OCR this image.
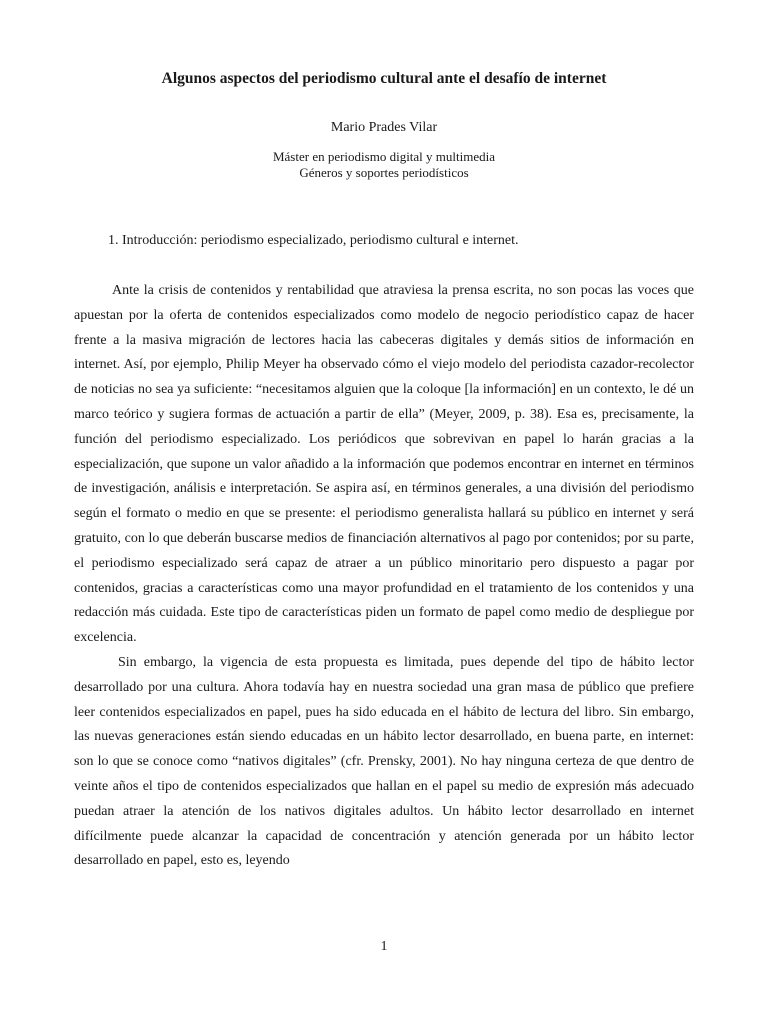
Algunos aspectos del periodismo cultural ante el desafío de internet
Mario Prades Vilar
Máster en periodismo digital y multimedia
Géneros y soportes periodísticos
1. Introducción: periodismo especializado, periodismo cultural e internet.

Ante la crisis de contenidos y rentabilidad que atraviesa la prensa escrita, no son pocas las voces que apuestan por la oferta de contenidos especializados como modelo de negocio periodístico capaz de hacer frente a la masiva migración de lectores hacia las cabeceras digitales y demás sitios de información en internet. Así, por ejemplo, Philip Meyer ha observado cómo el viejo modelo del periodista cazador-recolector de noticias no sea ya suficiente: “necesitamos alguien que la coloque [la información] en un contexto, le dé un marco teórico y sugiera formas de actuación a partir de ella” (Meyer, 2009, p. 38). Esa es, precisamente, la función del periodismo especializado. Los periódicos que sobrevivan en papel lo harán gracias a la especialización, que supone un valor añadido a la información que podemos encontrar en internet en términos de investigación, análisis e interpretación. Se aspira así, en términos generales, a una división del periodismo según el formato o medio en que se presente: el periodismo generalista hallará su público en internet y será gratuito, con lo que deberán buscarse medios de financiación alternativos al pago por contenidos; por su parte, el periodismo especializado será capaz de atraer a un público minoritario pero dispuesto a pagar por contenidos, gracias a características como una mayor profundidad en el tratamiento de los contenidos y una redacción más cuidada. Este tipo de características piden un formato de papel como medio de despliegue por excelencia.

Sin embargo, la vigencia de esta propuesta es limitada, pues depende del tipo de hábito lector desarrollado por una cultura. Ahora todavía hay en nuestra sociedad una gran masa de público que prefiere leer contenidos especializados en papel, pues ha sido educada en el hábito de lectura del libro. Sin embargo, las nuevas generaciones están siendo educadas en un hábito lector desarrollado, en buena parte, en internet: son lo que se conoce como “nativos digitales” (cfr. Prensky, 2001). No hay ninguna certeza de que dentro de veinte años el tipo de contenidos especializados que hallan en el papel su medio de expresión más adecuado puedan atraer la atención de los nativos digitales adultos. Un hábito lector desarrollado en internet difícilmente puede alcanzar la capacidad de concentración y atención generada por un hábito lector desarrollado en papel, esto es, leyendo

1
